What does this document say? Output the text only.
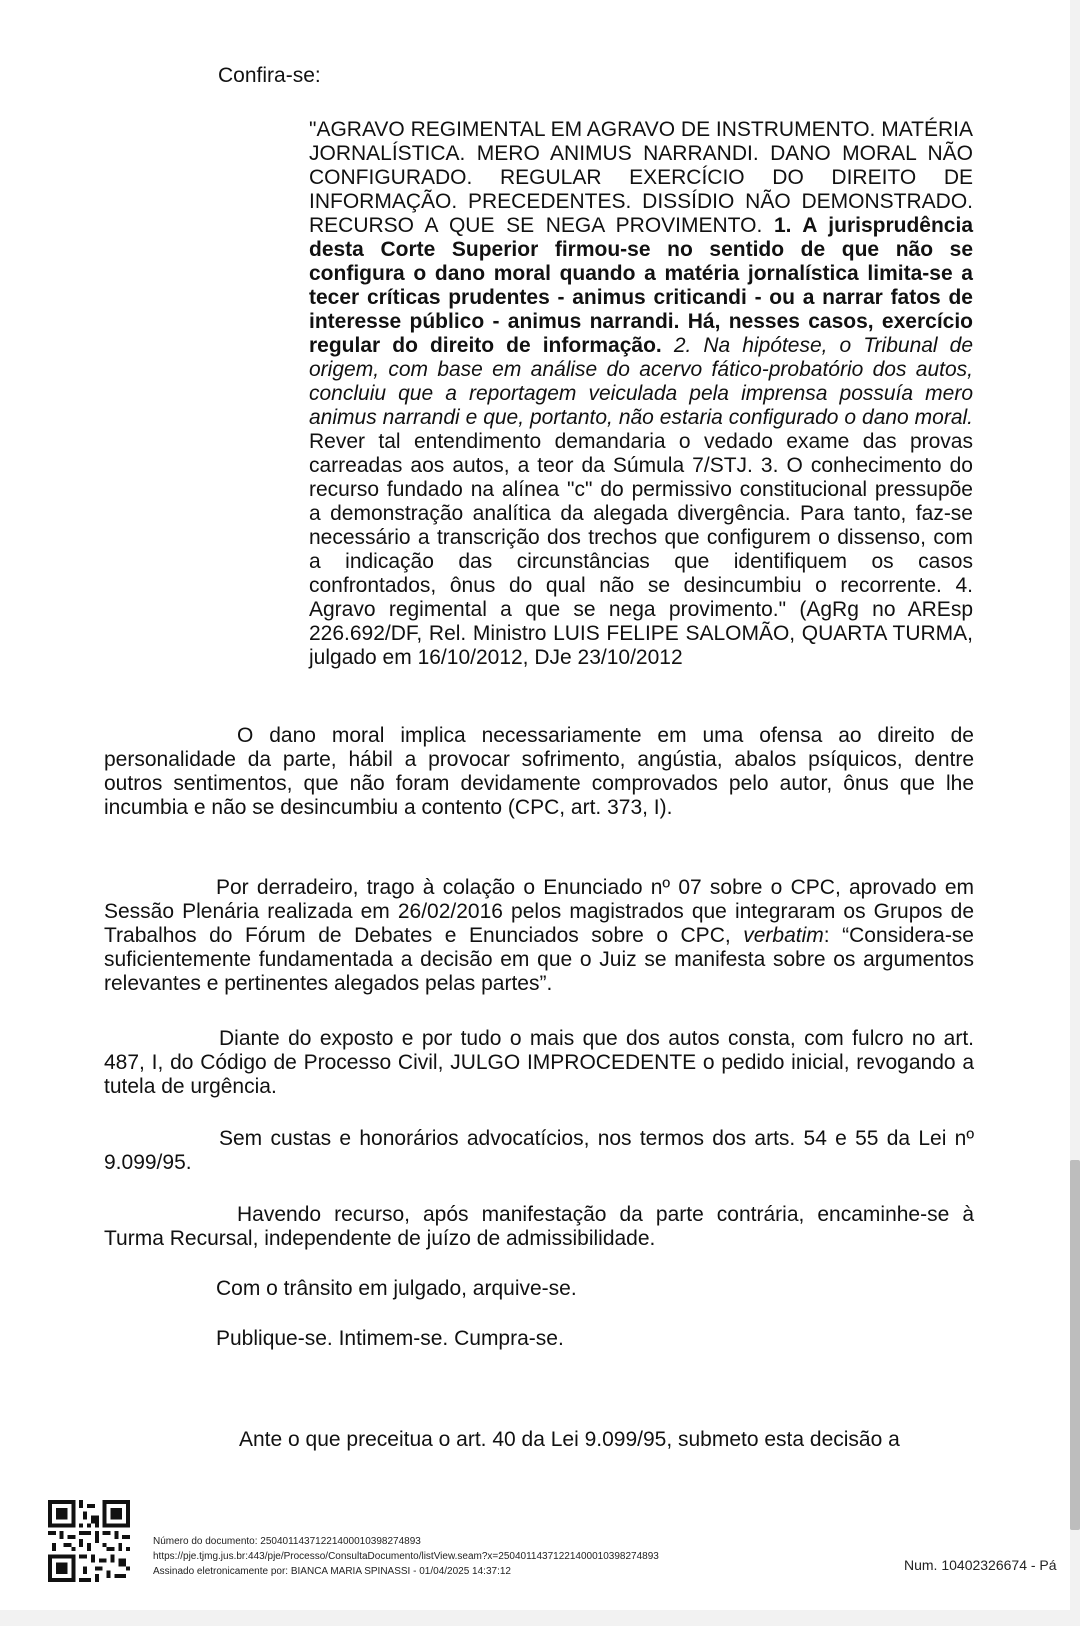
Confira-se:
"AGRAVO REGIMENTAL EM AGRAVO DE INSTRUMENTO. MATÉRIA JORNALÍSTICA. MERO ANIMUS NARRANDI. DANO MORAL NÃO CONFIGURADO. REGULAR EXERCÍCIO DO DIREITO DE INFORMAÇÃO. PRECEDENTES. DISSÍDIO NÃO DEMONSTRADO. RECURSO A QUE SE NEGA PROVIMENTO. 1. A jurisprudência desta Corte Superior firmou-se no sentido de que não se configura o dano moral quando a matéria jornalística limita-se a tecer críticas prudentes - animus criticandi - ou a narrar fatos de interesse público - animus narrandi. Há, nesses casos, exercício regular do direito de informação. 2. Na hipótese, o Tribunal de origem, com base em análise do acervo fático-probatório dos autos, concluiu que a reportagem veiculada pela imprensa possuía mero animus narrandi e que, portanto, não estaria configurado o dano moral. Rever tal entendimento demandaria o vedado exame das provas carreadas aos autos, a teor da Súmula 7/STJ. 3. O conhecimento do recurso fundado na alínea "c" do permissivo constitucional pressupõe a demonstração analítica da alegada divergência. Para tanto, faz-se necessário a transcrição dos trechos que configurem o dissenso, com a indicação das circunstâncias que identifiquem os casos confrontados, ônus do qual não se desincumbiu o recorrente. 4. Agravo regimental a que se nega provimento." (AgRg no AREsp 226.692/DF, Rel. Ministro LUIS FELIPE SALOMÃO, QUARTA TURMA, julgado em 16/10/2012, DJe 23/10/2012
O dano moral implica necessariamente em uma ofensa ao direito de personalidade da parte, hábil a provocar sofrimento, angústia, abalos psíquicos, dentre outros sentimentos, que não foram devidamente comprovados pelo autor, ônus que lhe incumbia e não se desincumbiu a contento (CPC, art. 373, I).
Por derradeiro, trago à colação o Enunciado nº 07 sobre o CPC, aprovado em Sessão Plenária realizada em 26/02/2016 pelos magistrados que integraram os Grupos de Trabalhos do Fórum de Debates e Enunciados sobre o CPC, verbatim: “Considera-se suficientemente fundamentada a decisão em que o Juiz se manifesta sobre os argumentos relevantes e pertinentes alegados pelas partes”.
Diante do exposto e por tudo o mais que dos autos consta, com fulcro no art. 487, I, do Código de Processo Civil, JULGO IMPROCEDENTE o pedido inicial, revogando a tutela de urgência.
Sem custas e honorários advocatícios, nos termos dos arts. 54 e 55 da Lei nº 9.099/95.
Havendo recurso, após manifestação da parte contrária, encaminhe-se à Turma Recursal, independente de juízo de admissibilidade.
Com o trânsito em julgado, arquive-se.
Publique-se. Intimem-se. Cumpra-se.
Ante o que preceitua o art. 40 da Lei 9.099/95, submeto esta decisão a
Número do documento: 25040114371221400010398274893
https://pje.tjmg.jus.br:443/pje/Processo/ConsultaDocumento/listView.seam?x=25040114371221400010398274893
Assinado eletronicamente por: BIANCA MARIA SPINASSI - 01/04/2025 14:37:12	Num. 10402326674 - Pá
